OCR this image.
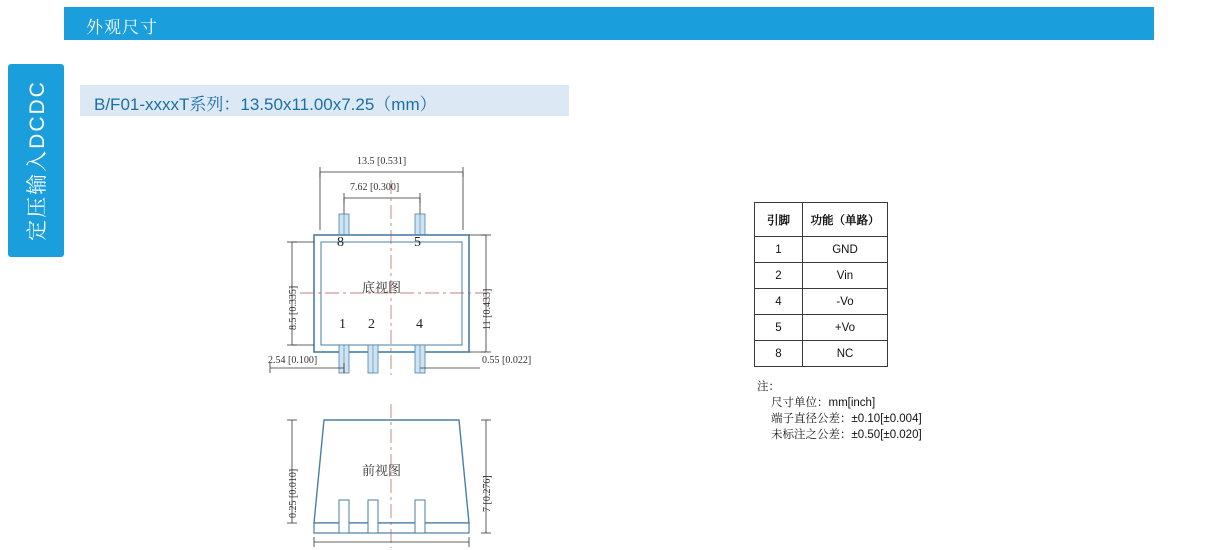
外观尺寸
定压输入DCDC	B/F01-xxxxT系列：13.50x11.00x7.25（mm）
13.5 [0.531]
7.62 [0.300]
8.5 [0.335]	11 [0.433]
2.54 [0.100]	0.55 [0.022]
8	5
1 2	4
底视图
0.25 [0.010]	7 [0.276]
前视图
引脚	功能（单路）
1	GND
2	Vin
4	-Vo
5	+Vo
8	NC
注：
尺寸单位：mm[inch]
端子直径公差：±0.10[±0.004]
未标注之公差：±0.50[±0.020]
